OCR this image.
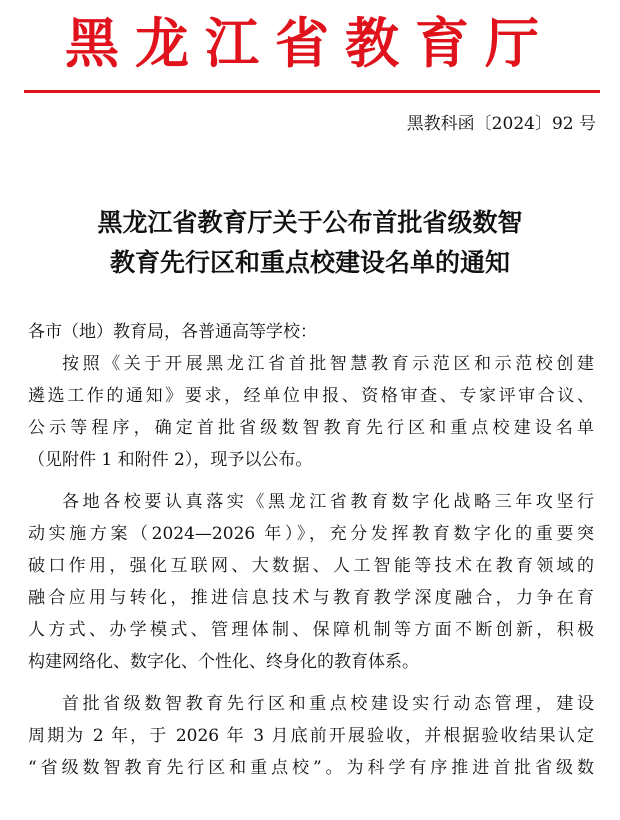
黑龙江省教育厅
黑教科函〔2024〕92 号
黑龙江省教育厅关于公布首批省级数智
教育先行区和重点校建设名单的通知
各市（地）教育局，各普通高等学校：
按照《关于开展黑龙江省首批智慧教育示范区和示范校创建
遴选工作的通知》要求，经单位申报、资格审查、专家评审合议、
公示等程序，确定首批省级数智教育先行区和重点校建设名单
（见附件 1 和附件 2），现予以公布。
各地各校要认真落实《黑龙江省教育数字化战略三年攻坚行
动实施方案（2024—2026 年）》，充分发挥教育数字化的重要突
破口作用，强化互联网、大数据、人工智能等技术在教育领域的
融合应用与转化，推进信息技术与教育教学深度融合，力争在育
人方式、办学模式、管理体制、保障机制等方面不断创新，积极
构建网络化、数字化、个性化、终身化的教育体系。
首批省级数智教育先行区和重点校建设实行动态管理，建设
周期为 2 年，于 2026 年 3 月底前开展验收，并根据验收结果认定
“省级数智教育先行区和重点校”。为科学有序推进首批省级数
